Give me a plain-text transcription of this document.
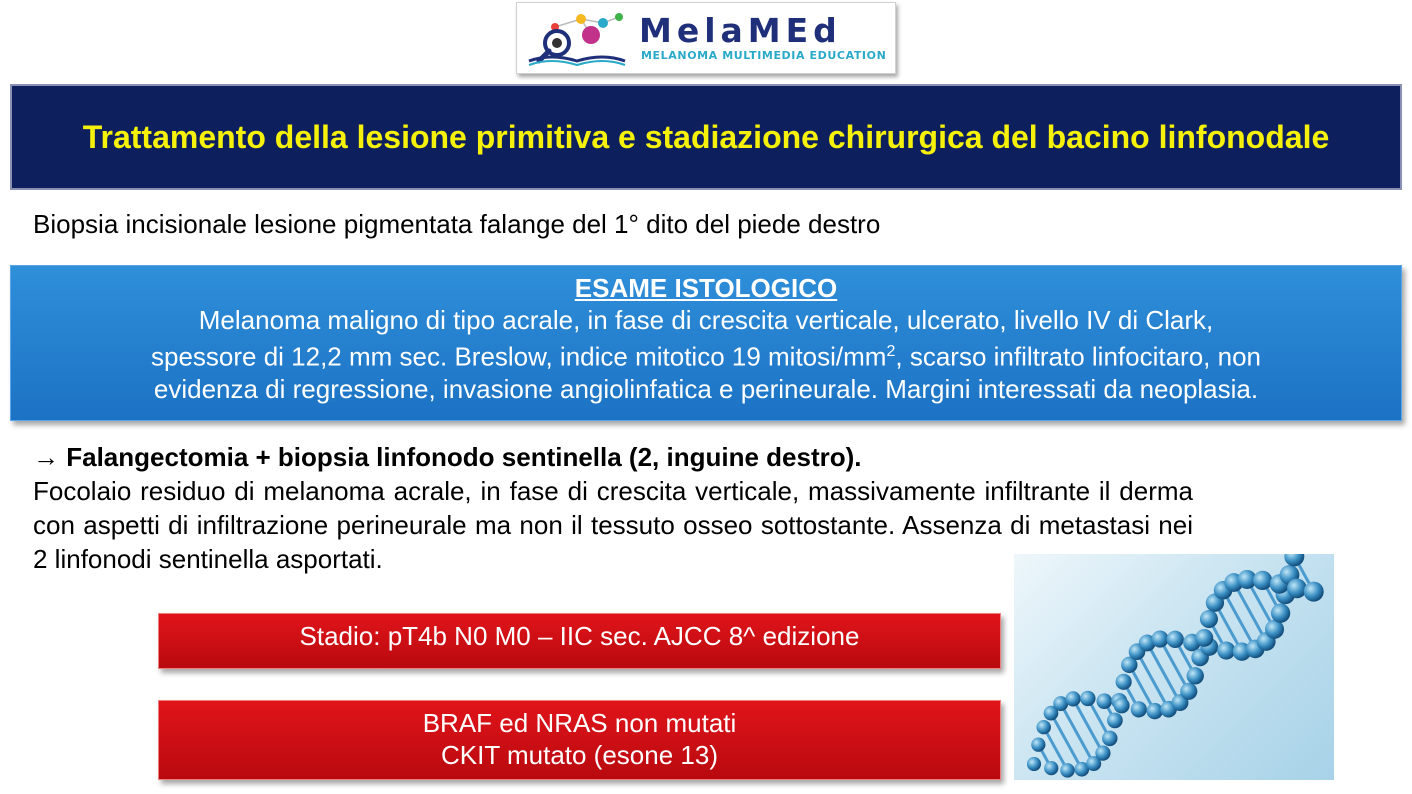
MelaMEd
MELANOMA MULTIMEDIA EDUCATION
Trattamento della lesione primitiva e stadiazione chirurgica del bacino linfonodale
Biopsia incisionale lesione pigmentata falange del 1° dito del piede destro
ESAME ISTOLOGICO
Melanoma maligno di tipo acrale, in fase di crescita verticale, ulcerato, livello IV di Clark,
spessore di 12,2 mm sec. Breslow, indice mitotico 19 mitosi/$mm^2$, scarso infiltrato linfocitaro, non
evidenza di regressione, invasione angiolinfatica e perineurale. Margini interessati da neoplasia.
→ Falangectomia + biopsia linfonodo sentinella (2, inguine destro).
Focolaio residuo di melanoma acrale, in fase di crescita verticale, massivamente infiltrante il derma con aspetti di infiltrazione perineurale ma non il tessuto osseo sottostante. Assenza di metastasi nei 2 linfonodi sentinella asportati.
Stadio: pT4b N0 M0 – IIC sec. AJCC 8^ edizione
BRAF ed NRAS non mutati
CKIT mutato (esone 13)
